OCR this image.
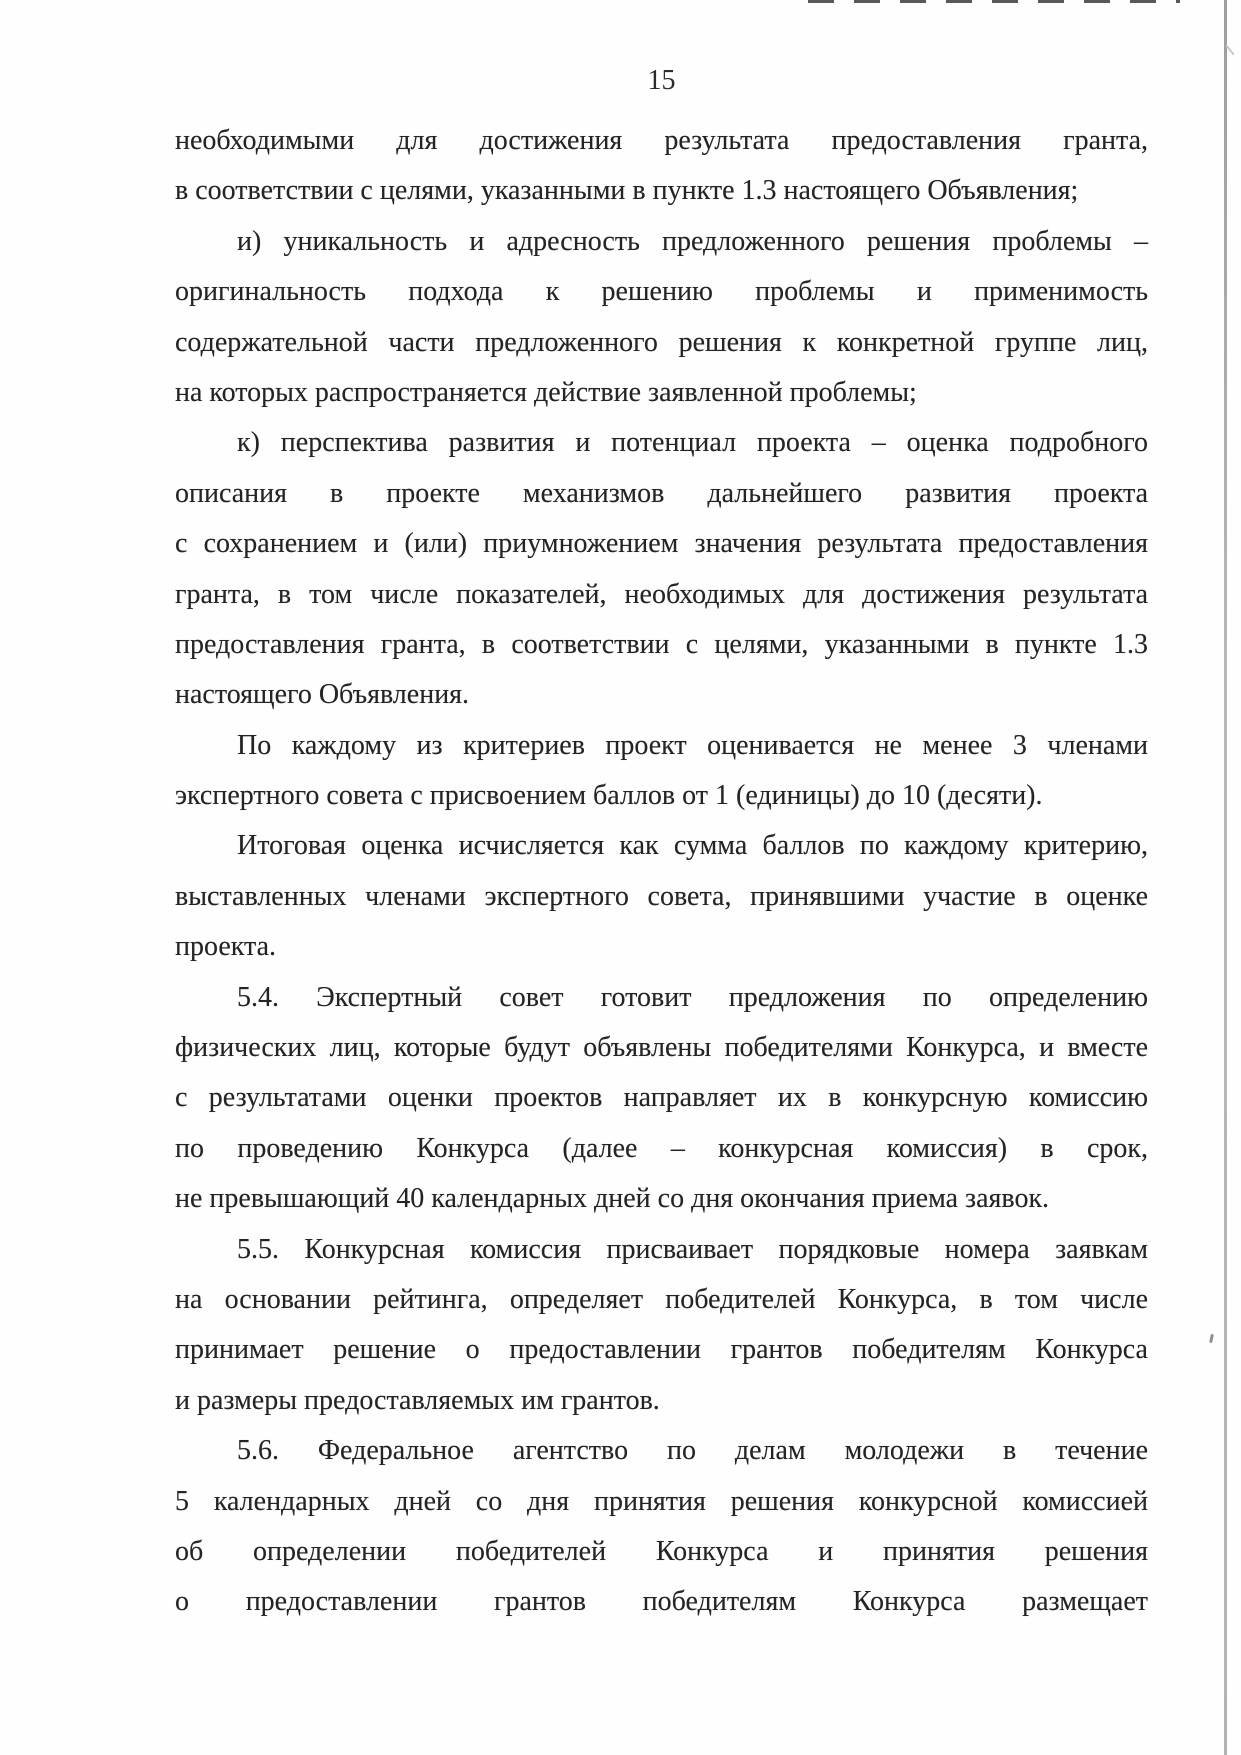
15
необходимыми для достижения результата предоставления гранта,
в соответствии с целями, указанными в пункте 1.3 настоящего Объявления;
и) уникальность и адресность предложенного решения проблемы –
оригинальность подхода к решению проблемы и применимость
содержательной части предложенного решения к конкретной группе лиц,
на которых распространяется действие заявленной проблемы;
к) перспектива развития и потенциал проекта – оценка подробного
описания в проекте механизмов дальнейшего развития проекта
с сохранением и (или) приумножением значения результата предоставления
гранта, в том числе показателей, необходимых для достижения результата
предоставления гранта, в соответствии с целями, указанными в пункте 1.3
настоящего Объявления.
По каждому из критериев проект оценивается не менее 3 членами
экспертного совета с присвоением баллов от 1 (единицы) до 10 (десяти).
Итоговая оценка исчисляется как сумма баллов по каждому критерию,
выставленных членами экспертного совета, принявшими участие в оценке
проекта.
5.4. Экспертный совет готовит предложения по определению
физических лиц, которые будут объявлены победителями Конкурса, и вместе
с результатами оценки проектов направляет их в конкурсную комиссию
по проведению Конкурса (далее – конкурсная комиссия) в срок,
не превышающий 40 календарных дней со дня окончания приема заявок.
5.5. Конкурсная комиссия присваивает порядковые номера заявкам
на основании рейтинга, определяет победителей Конкурса, в том числе
принимает решение о предоставлении грантов победителям Конкурса
и размеры предоставляемых им грантов.
5.6. Федеральное агентство по делам молодежи в течение
5 календарных дней со дня принятия решения конкурсной комиссией
об определении победителей Конкурса и принятия решения
о предоставлении грантов победителям Конкурса размещает
